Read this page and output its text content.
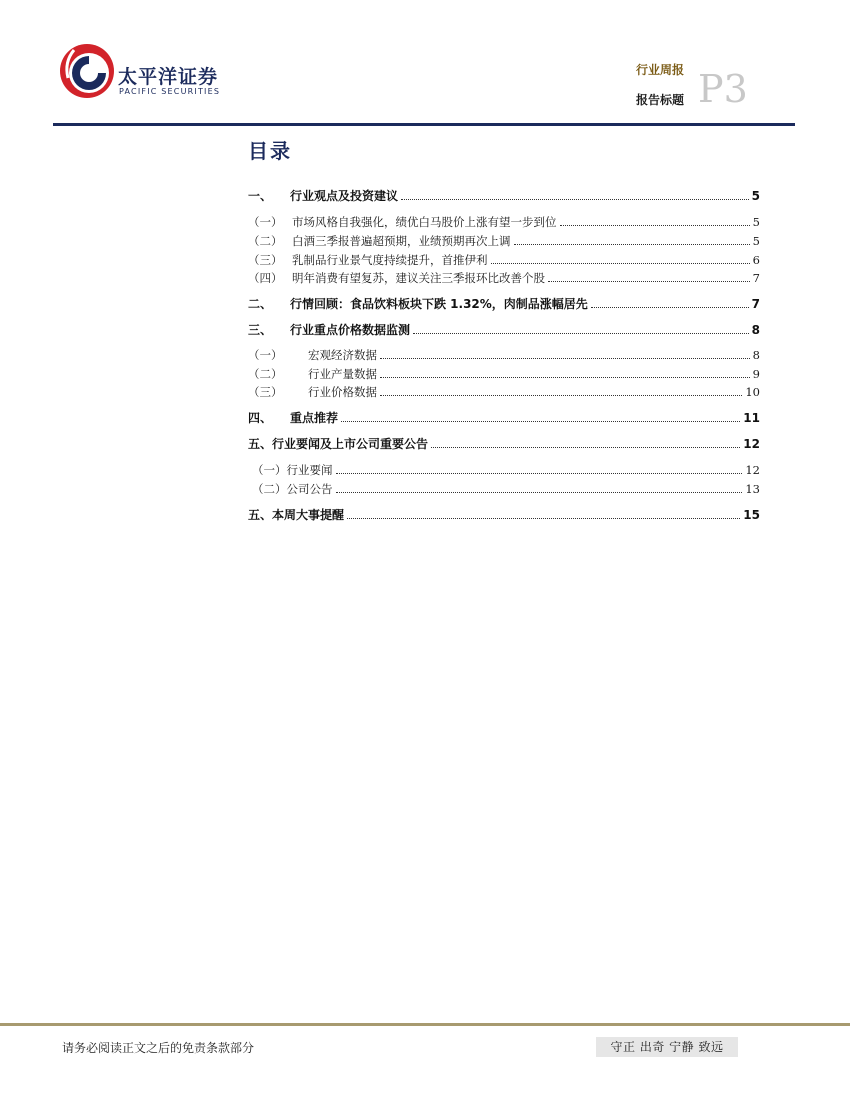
太平洋证券
PACIFIC SECURITIES
行业周报
报告标题 P3
目录
一、	行业观点及投资建议	5
（一） 市场风格自我强化，绩优白马股价上涨有望一步到位	5
（二） 白酒三季报普遍超预期，业绩预期再次上调	5
（三） 乳制品行业景气度持续提升，首推伊利	6
（四） 明年消费有望复苏，建议关注三季报环比改善个股	7
二、	行情回顾：食品饮料板块下跌 1.32%，肉制品涨幅居先	7
三、	行业重点价格数据监测	8
（一）	宏观经济数据	8
（二）	行业产量数据	9
（三）	行业价格数据	10
四、	重点推荐	11
五、行业要闻及上市公司重要公告	12
（一）行业要闻	12
（二）公司公告	13
五、本周大事提醒	15
请务必阅读正文之后的免责条款部分	守正 出奇 宁静 致远
